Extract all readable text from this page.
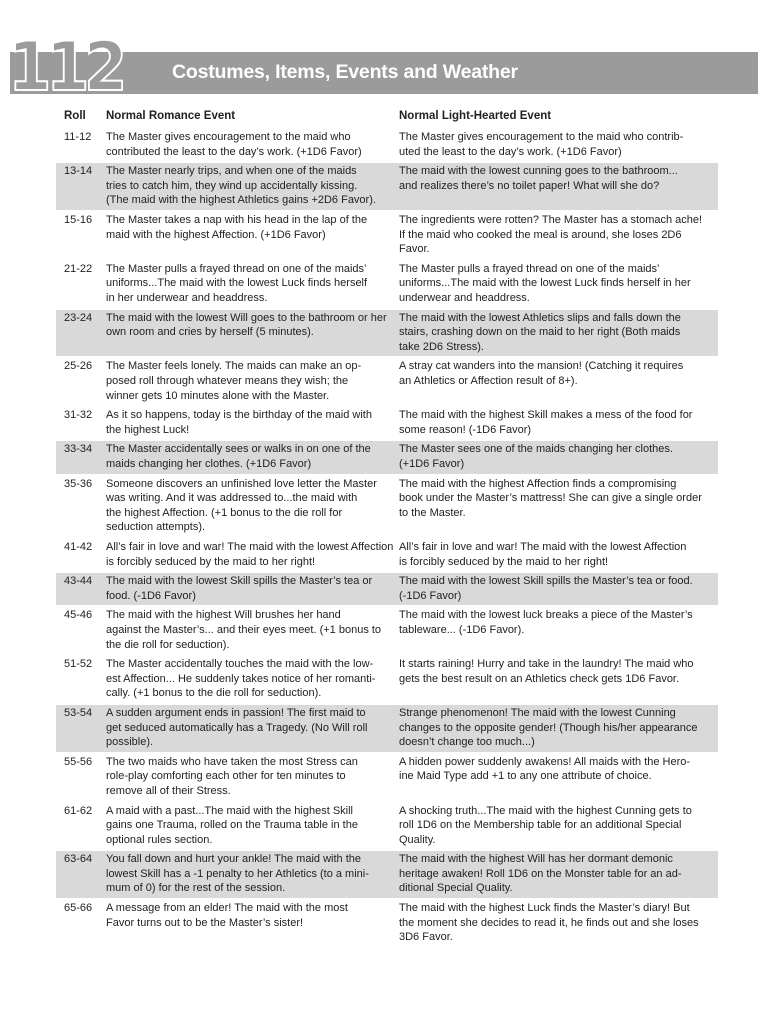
112	Costumes, Items, Events and Weather
Roll Normal Romance Event	Normal Light-Hearted Event
11-12 The Master gives encouragement to the maid who
contributed the least to the day’s work. (+1D6 Favor)
The Master gives encouragement to the maid who contrib-
uted the least to the day’s work. (+1D6 Favor)
13-14 The Master nearly trips, and when one of the maids
tries to catch him, they wind up accidentally kissing.
(The maid with the highest Athletics gains +2D6 Favor).
The maid with the lowest cunning goes to the bathroom...
and realizes there’s no toilet paper! What will she do?
15-16 The Master takes a nap with his head in the lap of the
maid with the highest Affection. (+1D6 Favor)
The ingredients were rotten? The Master has a stomach ache!
If the maid who cooked the meal is around, she loses 2D6
Favor.
21-22 The Master pulls a frayed thread on one of the maids’
uniforms...The maid with the lowest Luck finds herself
in her underwear and headdress.
The Master pulls a frayed thread on one of the maids’
uniforms...The maid with the lowest Luck finds herself in her
underwear and headdress.
23-24 The maid with the lowest Will goes to the bathroom or her
own room and cries by herself (5 minutes).
The maid with the lowest Athletics slips and falls down the
stairs, crashing down on the maid to her right (Both maids
take 2D6 Stress).
25-26 The Master feels lonely. The maids can make an op-
posed roll through whatever means they wish; the
winner gets 10 minutes alone with the Master.
A stray cat wanders into the mansion! (Catching it requires
an Athletics or Affection result of 8+).
31-32 As it so happens, today is the birthday of the maid with
the highest Luck!
The maid with the highest Skill makes a mess of the food for
some reason! (-1D6 Favor)
33-34 The Master accidentally sees or walks in on one of the
maids changing her clothes. (+1D6 Favor)
The Master sees one of the maids changing her clothes.
(+1D6 Favor)
35-36 Someone discovers an unfinished love letter the Master
was writing. And it was addressed to...the maid with
the highest Affection. (+1 bonus to the die roll for
seduction attempts).
The maid with the highest Affection finds a compromising
book under the Master’s mattress! She can give a single order
to the Master.
41-42 All’s fair in love and war! The maid with the lowest Affection
is forcibly seduced by the maid to her right!
All’s fair in love and war! The maid with the lowest Affection
is forcibly seduced by the maid to her right!
43-44 The maid with the lowest Skill spills the Master’s tea or
food. (-1D6 Favor)
The maid with the lowest Skill spills the Master’s tea or food.
(-1D6 Favor)
45-46 The maid with the highest Will brushes her hand
against the Master’s... and their eyes meet. (+1 bonus to
the die roll for seduction).
The maid with the lowest luck breaks a piece of the Master’s
tableware... (-1D6 Favor).
51-52 The Master accidentally touches the maid with the low-
est Affection... He suddenly takes notice of her romanti-
cally. (+1 bonus to the die roll for seduction).
It starts raining! Hurry and take in the laundry! The maid who
gets the best result on an Athletics check gets 1D6 Favor.
53-54 A sudden argument ends in passion! The first maid to
get seduced automatically has a Tragedy. (No Will roll
possible).
Strange phenomenon! The maid with the lowest Cunning
changes to the opposite gender! (Though his/her appearance
doesn’t change too much...)
55-56 The two maids who have taken the most Stress can
role-play comforting each other for ten minutes to
remove all of their Stress.
A hidden power suddenly awakens! All maids with the Hero-
ine Maid Type add +1 to any one attribute of choice.
61-62 A maid with a past...The maid with the highest Skill
gains one Trauma, rolled on the Trauma table in the
optional rules section.
A shocking truth...The maid with the highest Cunning gets to
roll 1D6 on the Membership table for an additional Special
Quality.
63-64 You fall down and hurt your ankle! The maid with the
lowest Skill has a -1 penalty to her Athletics (to a mini-
mum of 0) for the rest of the session.
The maid with the highest Will has her dormant demonic
heritage awaken! Roll 1D6 on the Monster table for an ad-
ditional Special Quality.
65-66 A message from an elder! The maid with the most
Favor turns out to be the Master’s sister!
The maid with the highest Luck finds the Master’s diary! But
the moment she decides to read it, he finds out and she loses
3D6 Favor.
